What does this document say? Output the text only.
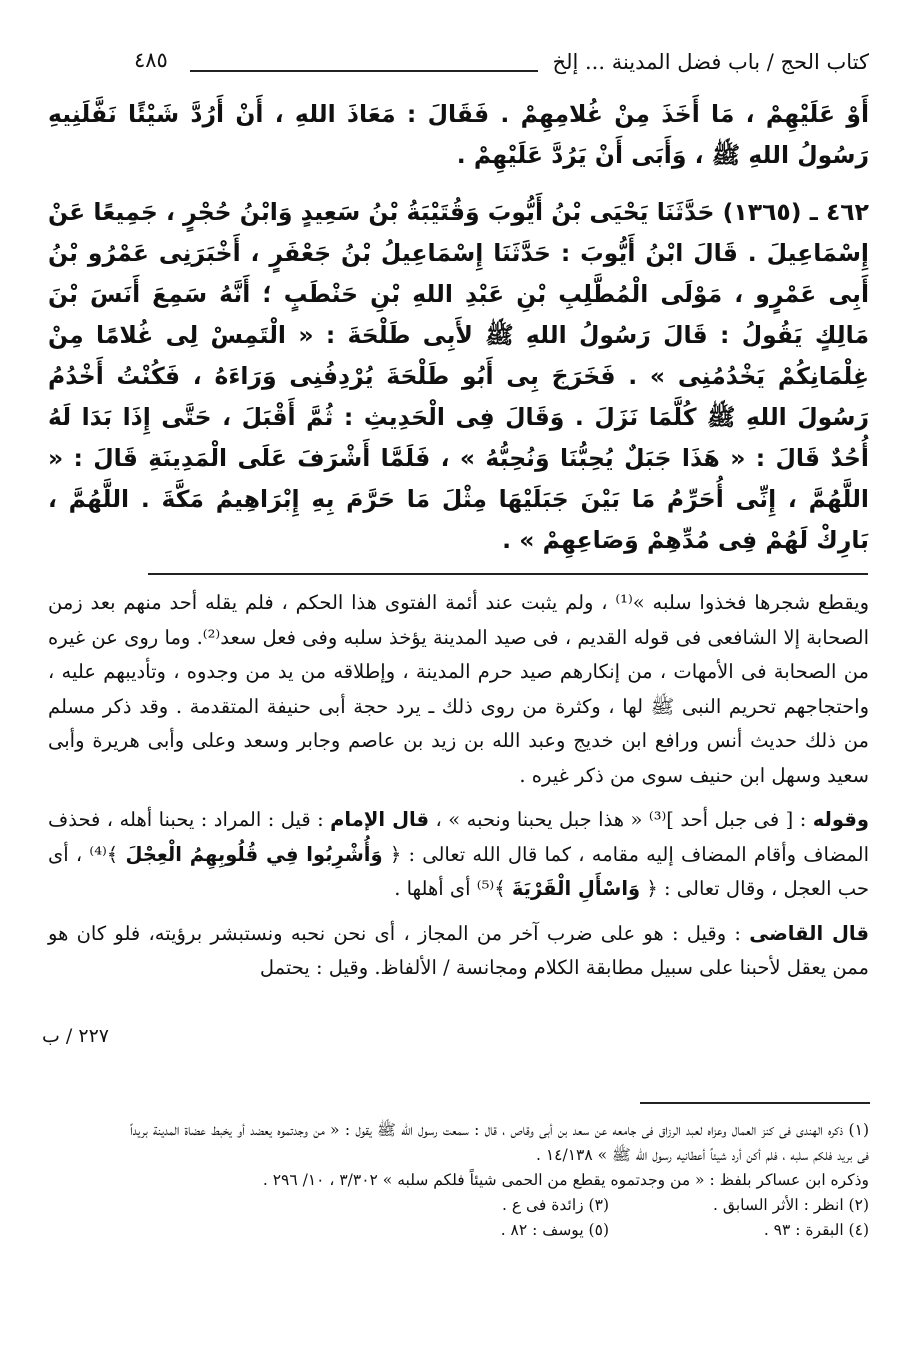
كتاب الحج / باب فضل المدينة ... إلخ
٤٨٥

أَوْ عَلَيْهِمْ ، مَا أَخَذَ مِنْ غُلامِهِمْ . فَقَالَ : مَعَاذَ اللهِ ، أَنْ أَرُدَّ شَيْئًا نَفَّلَنِيهِ رَسُولُ اللهِ ﷺ ، وَأَبَى أَنْ يَرُدَّ عَلَيْهِمْ .

٤٦٢ ـ (١٣٦٥) حَدَّثَنَا يَحْيَى بْنُ أَيُّوبَ وَقُتَيْبَةُ بْنُ سَعِيدٍ وَابْنُ حُجْرٍ ، جَمِيعًا عَنْ إِسْمَاعِيلَ . قَالَ ابْنُ أَيُّوبَ : حَدَّثَنَا إِسْمَاعِيلُ بْنُ جَعْفَرٍ ، أَخْبَرَنِى عَمْرُو بْنُ أَبِى عَمْرٍو ، مَوْلَى الْمُطَّلِبِ بْنِ عَبْدِ اللهِ بْنِ حَنْطَبٍ ؛ أَنَّهُ سَمِعَ أَنَسَ بْنَ مَالِكٍ يَقُولُ : قَالَ رَسُولُ اللهِ ﷺ لأَبِى طَلْحَةَ : « الْتَمِسْ لِى غُلامًا مِنْ غِلْمَانِكُمْ يَخْدُمُنِى » . فَخَرَجَ بِى أَبُو طَلْحَةَ يُرْدِفُنِى وَرَاءَهُ ، فَكُنْتُ أَخْدُمُ رَسُولَ اللهِ ﷺ كُلَّمَا نَزَلَ . وَقَالَ فِى الْحَدِيثِ : ثُمَّ أَقْبَلَ ، حَتَّى إِذَا بَدَا لَهُ أُحُدٌ قَالَ : « هَذَا جَبَلٌ يُحِبُّنَا وَنُحِبُّهُ » ، فَلَمَّا أَشْرَفَ عَلَى الْمَدِينَةِ قَالَ : « اللَّهُمَّ ، إِنِّى أُحَرِّمُ مَا بَيْنَ جَبَلَيْهَا مِثْلَ مَا حَرَّمَ بِهِ إِبْرَاهِيمُ مَكَّةَ . اللَّهُمَّ ، بَارِكْ لَهُمْ فِى مُدِّهِمْ وَصَاعِهِمْ » .

ويقطع شجرها فخذوا سلبه »⁽¹⁾ ، ولم يثبت عند أئمة الفتوى هذا الحكم ، فلم يقله أحد منهم بعد زمن الصحابة إلا الشافعى فى قوله القديم ، فى صيد المدينة يؤخذ سلبه وفى فعل سعد⁽²⁾. وما روى عن غيره من الصحابة فى الأمهات ، من إنكارهم صيد حرم المدينة ، وإطلاقه من يد من وجدوه ، وتأديبهم عليه ، واحتجاجهم تحريم النبى ﷺ لها ، وكثرة من روى ذلك ـ يرد حجة أبى حنيفة المتقدمة . وقد ذكر مسلم من ذلك حديث أنس ورافع ابن خديج وعبد الله بن زيد بن عاصم وجابر وسعد وعلى وأبى هريرة وأبى سعيد وسهل ابن حنيف سوى من ذكر غيره .

وقوله : [ فى جبل أحد ]⁽³⁾ « هذا جبل يحبنا ونحبه » ، قال الإمام : قيل : المراد : يحبنا أهله ، فحذف المضاف وأقام المضاف إليه مقامه ، كما قال الله تعالى : ﴿ وَأُشْرِبُوا فِي قُلُوبِهِمُ الْعِجْلَ ﴾⁽⁴⁾ ، أى حب العجل ، وقال تعالى : ﴿ وَاسْأَلِ الْقَرْيَةَ ﴾⁽⁵⁾ أى أهلها .

قال القاضى : وقيل : هو على ضرب آخر من المجاز ، أى نحن نحبه ونستبشر برؤيته، فلو كان هو ممن يعقل لأحبنا على سبيل مطابقة الكلام ومجانسة / الألفاظ. وقيل : يحتمل

٢٢٧ / ب

(١) ذكره الهندى فى كنز العمال وعزاه لعبد الرزاق فى جامعه عن سعد بن أبى وقاص ، قال : سمعت رسول الله ﷺ يقول : « من وجدتموه يعضد أو يخبط عضاة المدينة بريداً فى بريد فلكم سلبه ، فلم أكن أرد شيئاً أعطانيه رسول الله ﷺ » ١٤/١٣٨ .

وذكره ابن عساكر بلفظ : « من وجدتموه يقطع من الحمى شيئاً فلكم سلبه » ٣/٣٠٢ ، ١٠/ ٢٩٦ .

(٢) انظر : الأثر السابق .
(٣) زائدة فى ع .
(٤) البقرة : ٩٣ .
(٥) يوسف : ٨٢ .
